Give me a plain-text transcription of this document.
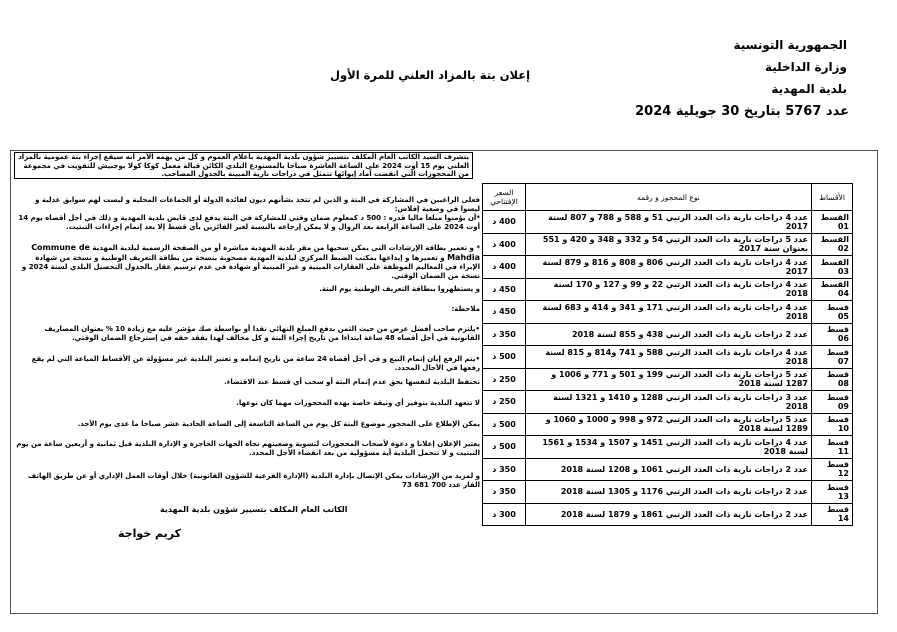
الجمهورية التونسية
وزارة الداخلية
بلدية المهدية
إعلان بتة بالمزاد العلني للمرة الأول
عدد 5767 بتاريخ 30 جويلية 2024
يتشرف السيد الكاتب العام المكلف بتسيير شؤون بلدية المهدية باعلام العموم و كل من يهمه الأمر انه سيقع إجراء بتة عمومية بالمزاد العلني يوم 15 أوت 2024 على الساعة العاشرة صباحا بالمستودع البلدي الكائن قبالة معمل كوكا كولا بوجبيش للتفويت في مجموعة من المحجوزات التي انقضت آماد إيوائها تتمثل في دراجات نارية المبينة بالجدول المصاحب.
الأقساط	نوع المحجوز و رقمه	السعر الإفتتاحي
القسط 01	عدد 4 دراجات نارية ذات العدد الرتبي 51 و 588 و 788 و 807 لسنة 2017	400 د
القسط 02	عدد 5 دراجات نارية ذات العدد الرتبي 54 و 332 و 348 و 420 و 551 بعنوان سنة 2017	400 د
القسط 03	عدد 4 دراجات نارية ذات العدد الرتبي 806 و 808 و 816 و 879 لسنة 2017	400 د
القسط 04	عدد 4 دراجات نارية ذات العدد الرتبي 22 و 99 و 127 و 170 لسنة 2018	450 د
قسط 05	عدد 4 دراجات نارية ذات العدد الرتبي 171 و 341 و 414 و 683 لسنة 2018	450 د
قسط 06	عدد 2 دراجات نارية ذات العدد الرتبي 438 و 855 لسنة 2018	350 د
قسط 07	عدد 4 دراجات نارية ذات العدد الرتبي 588 و 741 و814 و 815 لسنة 2018	500 د
قسط 08	عدد 5 دراجات نارية ذات العدد الرتبي 199 و 501 و 771 و 1006 و 1287 لسنة 2018	250 د
قسط 09	عدد 3 دراجات نارية ذات العدد الرتبي 1288 و 1410 و 1321 لسنة 2018	250 د
قسط 10	عدد 5 دراجات نارية ذات العدد الرتبي 972 و 998 و 1000 و 1060 و 1289 لسنة 2018	500 د
قسط 11	عدد 4 دراجات نارية ذات العدد الرتبي 1451 و 1507 و 1534 و 1561 لسنة 2018	500 د
قسط 12	عدد 2 دراجات نارية ذات العدد الرتبي 1061 و 1208 لسنة 2018	350 د
قسط 13	عدد 2 دراجات نارية ذات العدد الرتبي 1176 و 1305 لسنة 2018	350 د
قسط 14	عدد 2 دراجات نارية ذات العدد الرتبي 1861 و 1879 لسنة 2018	300 د
فعلى الراغبين في المشاركة في البتة و الذين لم تتخذ بشأنهم ديون لفائدة الدولة أو الجماعات المحلية و ليست لهم سوابق عدلية و ليسوا في وضعية إفلاس:
*أن يؤمنوا مبلغا ماليا قدره : 500 د كمعلوم ضمان وقتي للمشاركة في البتة يدفع لدى قابض بلدية المهدية و ذلك في أجل أقصاه يوم 14 أوت 2024 على الساعة الرابعة بعد الزوال و لا يمكن إرجاعه بالنسبة لغير الفائزين بأي قسط إلا بعد إتمام إجراءات التبتيت.
* و تعمير بطاقة الإرشادات التي يمكن سحبها من مقر بلدية المهدية مباشرة أو من الصفحة الرسمية لبلدية المهدية Commune de Mahdia و تعميرها و إيداعها بمكتب الضبط المركزي لبلدية المهدية مصحوبة بنسخة من بطاقة التعريف الوطنية و نسخة من شهادة الإبراء في المعاليم الموظفة على العقارات المبنية و غير المبنية أو شهادة في عدم ترسيم عقار بالجدول التحصيل البلدي لسنة 2024 و نسخة من الضمان الوقتي.
و يستظهروا ببطاقة التعريف الوطنية يوم البتة.
ملاحظة:
•يلتزم صاحب أفضل عرض من حيث الثمن بدفع المبلغ النهائي نقدا أو بواسطة صك مؤشر عليه مع زيادة 10 % بعنوان المصاريف القانونية في أجل أقصاه 48 ساعة ابتداءا من تاريخ إجراء البتة و كل مخالف لهذا يفقد حقه في إسترجاع الضمان الوقتي.
•يتم الرفع إبان إتمام البيع و في أجل أقصاه 24 ساعة من تاريخ إتمامه و تعتبر البلدية غير مسؤولة عن الأقساط المباعة التي لم يقع رفعها في الآجال المحدد.
تحتفظ البلدية لنفسها بحق عدم إتمام البتة أو سحب أي قسط عند الاقتضاء.
لا تتعهد البلدية بتوفير أي وثيقة خاصة بهذه المحجوزات مهما كان نوعها.
يمكن الإطلاع على المحجوز موضوع البتة كل يوم من الساعة التاسعة إلى الساعة الحادية عشر صباحا ما عدى يوم الأحد.
يعتبر الإعلان إعلانا و دعوة لأصحاب المحجوزات لتسوية وضعيتهم تجاه الجهات الحاجزة و الإدارة البلدية قبل ثمانية و أربعين ساعة من يوم التبتيت و لا تتحمل البلدية أية مسؤولية من بعد انقضاء الأجل المحدد.
و لمزيد من الإرشادات يمكن الإتصال بإدارة البلدية (الإدارة الفرعية للشؤون القانونية) خلال أوقات العمل الإداري أو عن طريق الهاتف القار عدد 700 681 73
الكاتب العام المكلف بتسيير شؤون بلدية المهدية
كريم خواجة
